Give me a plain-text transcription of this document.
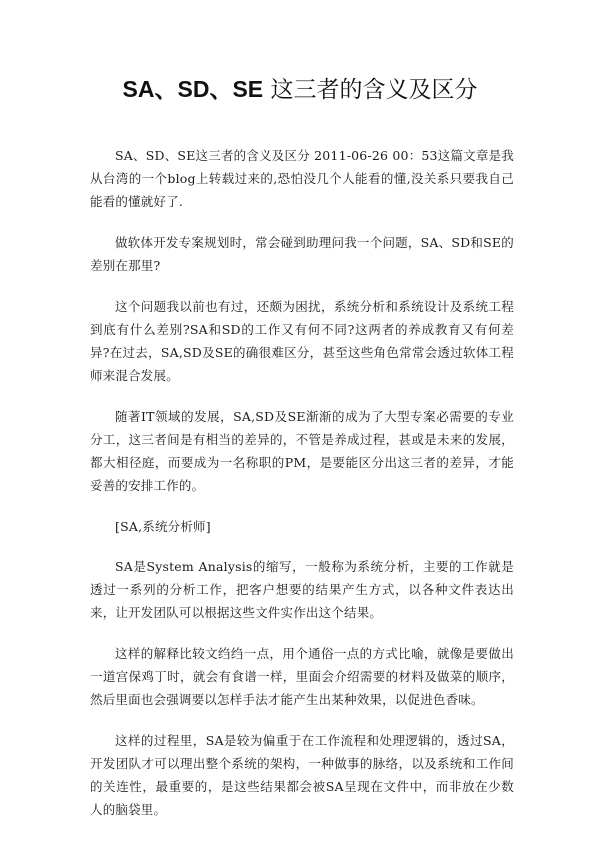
SA、SD、SE 这三者的含义及区分

SA、SD、SE这三者的含义及区分 2011-06-26 00：53这篇文章是我从台湾的一个blog上转载过来的,恐怕没几个人能看的懂,没关系只要我自己能看的懂就好了.

做软体开发专案规划时，常会碰到助理问我一个问题，SA、SD和SE的差别在那里?

这个问题我以前也有过，还颇为困扰，系统分析和系统设计及系统工程到底有什么差别?SA和SD的工作又有何不同?这两者的养成教育又有何差异?在过去，SA,SD及SE的确很难区分，甚至这些角色常常会透过软体工程师来混合发展。

随著IT领域的发展，SA,SD及SE渐渐的成为了大型专案必需要的专业分工，这三者间是有相当的差异的，不管是养成过程，甚或是未来的发展，都大相径庭，而要成为一名称职的PM，是要能区分出这三者的差异，才能妥善的安排工作的。

[SA,系统分析师]

SA是System Analysis的缩写，一般称为系统分析，主要的工作就是透过一系列的分析工作，把客户想要的结果产生方式，以各种文件表达出来，让开发团队可以根据这些文件实作出这个结果。

这样的解释比较文绉绉一点，用个通俗一点的方式比喻，就像是要做出一道宫保鸡丁时，就会有食谱一样，里面会介绍需要的材料及做菜的顺序，然后里面也会强调要以怎样手法才能产生出某种效果，以促进色香味。

这样的过程里，SA是较为偏重于在工作流程和处理逻辑的，透过SA，开发团队才可以理出整个系统的架构，一种做事的脉络，以及系统和工作间的关连性，最重要的，是这些结果都会被SA呈现在文件中，而非放在少数人的脑袋里。
